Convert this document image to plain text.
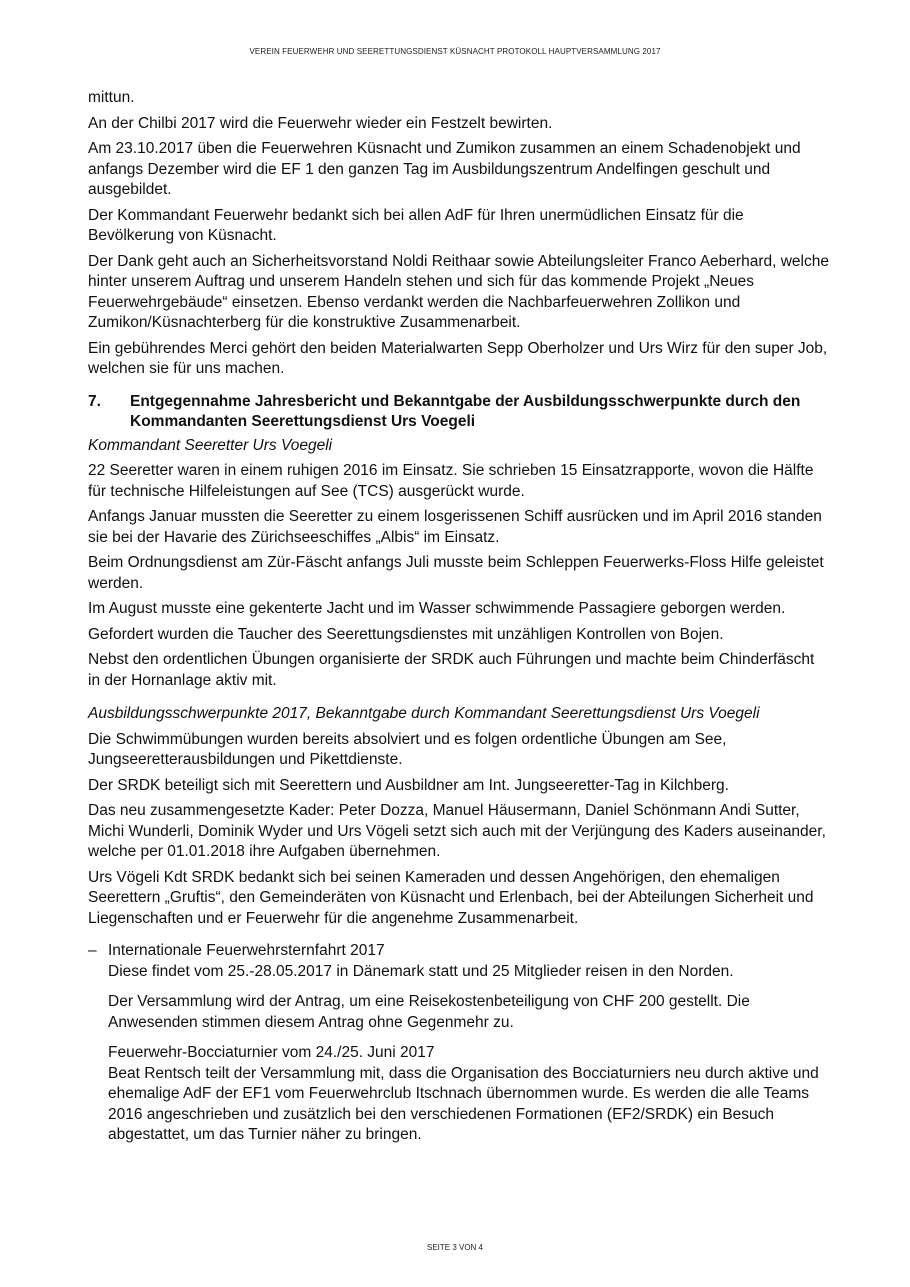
VEREIN FEUERWEHR UND SEERETTUNGSDIENST KÜSNACHT PROTOKOLL HAUPTVERSAMMLUNG 2017

mittun.

An der Chilbi 2017 wird die Feuerwehr wieder ein Festzelt bewirten.

Am 23.10.2017 üben die Feuerwehren Küsnacht und Zumikon zusammen an einem Schadenobjekt und anfangs Dezember wird die EF 1 den ganzen Tag im Ausbildungszentrum Andelfingen geschult und ausgebildet.

Der Kommandant Feuerwehr bedankt sich bei allen AdF für Ihren unermüdlichen Einsatz für die Bevölkerung von Küsnacht.

Der Dank geht auch an Sicherheitsvorstand Noldi Reithaar sowie Abteilungsleiter Franco Aeberhard, welche hinter unserem Auftrag und unserem Handeln stehen und sich für das kommende Projekt „Neues Feuerwehrgebäude“ einsetzen. Ebenso verdankt werden die Nachbarfeuerwehren Zollikon und Zumikon/Küsnachterberg für die konstruktive Zusammenarbeit.

Ein gebührendes Merci gehört den beiden Materialwarten Sepp Oberholzer und Urs Wirz für den super Job, welchen sie für uns machen.

7.	Entgegennahme Jahresbericht und Bekanntgabe der Ausbildungsschwerpunkte durch den Kommandanten Seerettungsdienst Urs Voegeli

Kommandant Seeretter Urs Voegeli

22 Seeretter waren in einem ruhigen 2016 im Einsatz. Sie schrieben 15 Einsatzrapporte, wovon die Hälfte für technische Hilfeleistungen auf See (TCS) ausgerückt wurde.

Anfangs Januar mussten die Seeretter zu einem losgerissenen Schiff ausrücken und im April 2016 standen sie bei der Havarie des Zürichseeschiffes „Albis“ im Einsatz.

Beim Ordnungsdienst am Zür-Fäscht anfangs Juli musste beim Schleppen Feuerwerks-Floss Hilfe geleistet werden.

Im August musste eine gekenterte Jacht und im Wasser schwimmende Passagiere geborgen werden.

Gefordert wurden die Taucher des Seerettungsdienstes mit unzähligen Kontrollen von Bojen.

Nebst den ordentlichen Übungen organisierte der SRDK auch Führungen und machte beim Chinderfäscht in der Hornanlage aktiv mit.

Ausbildungsschwerpunkte 2017, Bekanntgabe durch Kommandant Seerettungsdienst Urs Voegeli

Die Schwimmübungen wurden bereits absolviert und es folgen ordentliche Übungen am See, Jungseeretterausbildungen und Pikettdienste.

Der SRDK beteiligt sich mit Seerettern und Ausbildner am Int. Jungseeretter-Tag in Kilchberg.

Das neu zusammengesetzte Kader: Peter Dozza, Manuel Häusermann, Daniel Schönmann Andi Sutter, Michi Wunderli, Dominik Wyder und Urs Vögeli setzt sich auch mit der Verjüngung des Kaders auseinander, welche per 01.01.2018 ihre Aufgaben übernehmen.

Urs Vögeli Kdt SRDK bedankt sich bei seinen Kameraden und dessen Angehörigen, den ehemaligen Seerettern „Gruftis“, den Gemeinderäten von Küsnacht und Erlenbach, bei der Abteilungen Sicherheit und Liegenschaften und er Feuerwehr für die angenehme Zusammenarbeit.

– Internationale Feuerwehrsternfahrt 2017
Diese findet vom 25.-28.05.2017 in Dänemark statt und 25 Mitglieder reisen in den Norden.

Der Versammlung wird der Antrag, um eine Reisekostenbeteiligung von CHF 200 gestellt. Die Anwesenden stimmen diesem Antrag ohne Gegenmehr zu.

Feuerwehr-Bocciaturnier vom 24./25. Juni 2017
Beat Rentsch teilt der Versammlung mit, dass die Organisation des Bocciaturniers neu durch aktive und ehemalige AdF der EF1 vom Feuerwehrclub Itschnach übernommen wurde. Es werden die alle Teams 2016 angeschrieben und zusätzlich bei den verschiedenen Formationen (EF2/SRDK) ein Besuch abgestattet, um das Turnier näher zu bringen.

SEITE 3 VON 4
